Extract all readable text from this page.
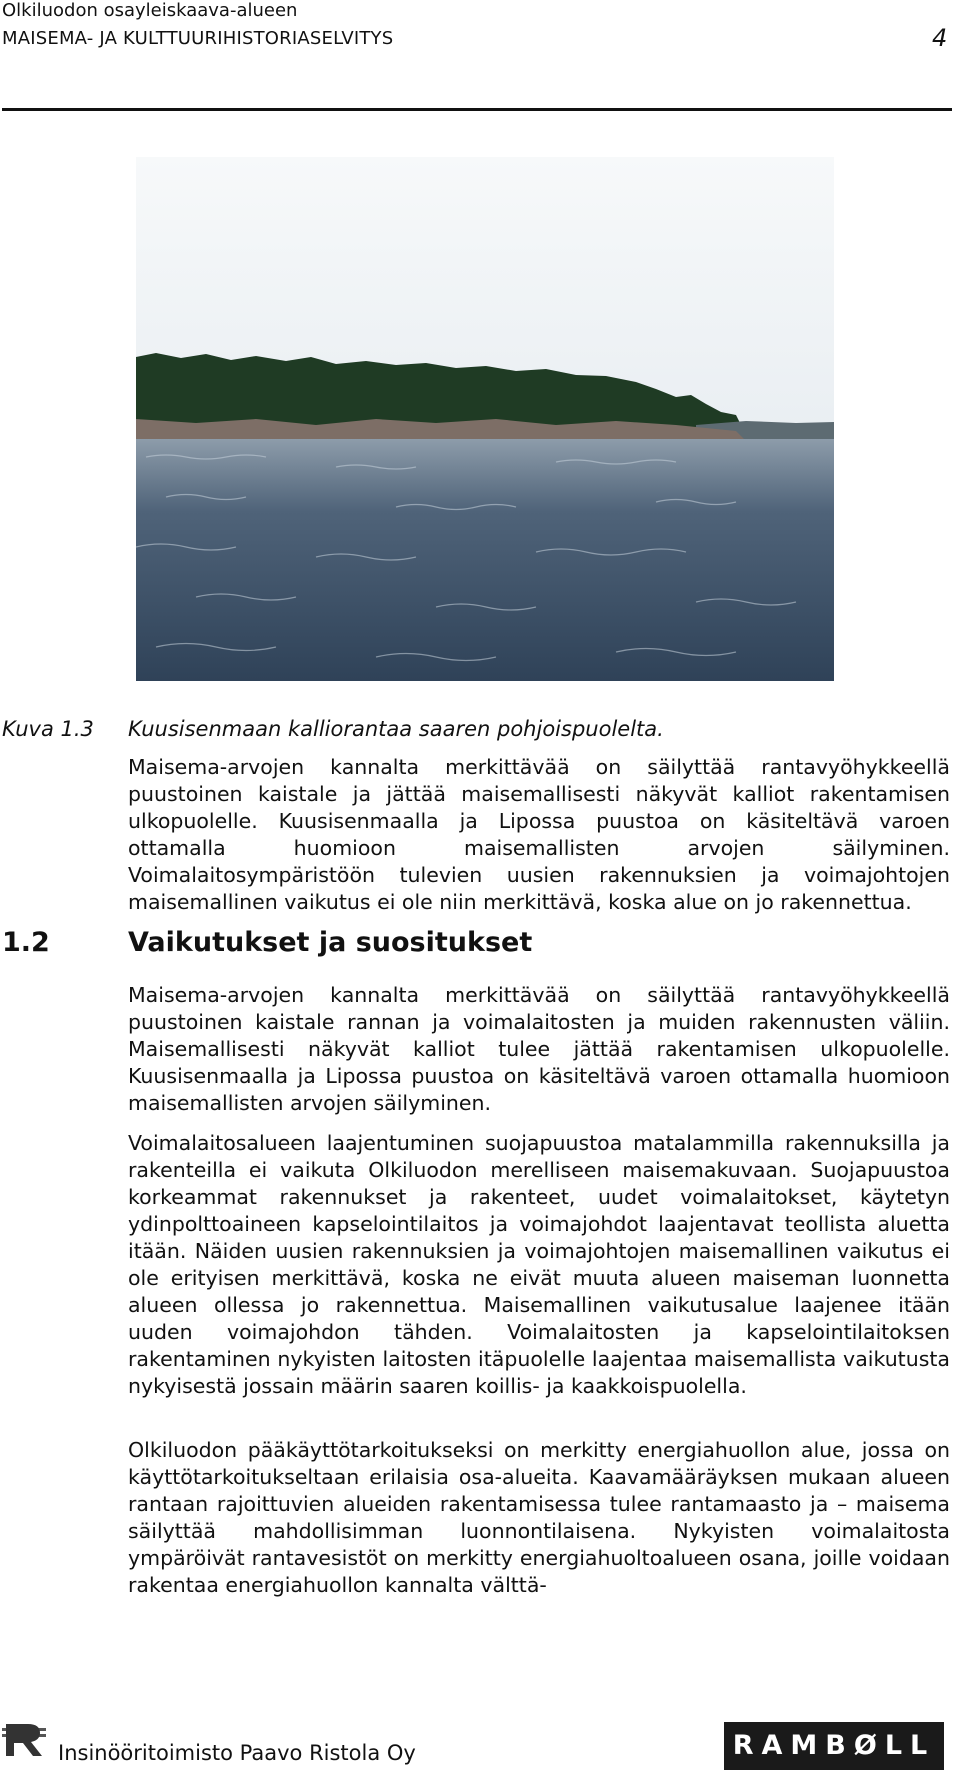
Olkiluodon osayleiskaava-alueen
MAISEMA- JA KULTTUURIHISTORIASELVITYS	4
Kuva 1.3 Kuusisenmaan kalliorantaa saaren pohjoispuolelta.

Maisema-arvojen kannalta merkittävää on säilyttää rantavyöhykkeellä puustoinen kaistale ja jättää maisemallisesti näkyvät kalliot rakentamisen ulkopuolelle. Kuusisenmaalla ja Lipossa puustoa on käsiteltävä varoen ottamalla huomioon maisemallisten arvojen säilyminen. Voimalaitosympäristöön tulevien uusien rakennuksien ja voimajohtojen maisemallinen vaikutus ei ole niin merkittävä, koska alue on jo rakennettua.

1.2	Vaikutukset ja suositukset

Maisema-arvojen kannalta merkittävää on säilyttää rantavyöhykkeellä puustoinen kaistale rannan ja voimalaitosten ja muiden rakennusten väliin. Maisemallisesti näkyvät kalliot tulee jättää rakentamisen ulkopuolelle. Kuusisenmaalla ja Lipossa puustoa on käsiteltävä varoen ottamalla huomioon maisemallisten arvojen säilyminen.

Voimalaitosalueen laajentuminen suojapuustoa matalammilla rakennuksilla ja rakenteilla ei vaikuta Olkiluodon merelliseen maisemakuvaan. Suojapuustoa korkeammat rakennukset ja rakenteet, uudet voimalaitokset, käytetyn ydinpolttoaineen kapselointilaitos ja voimajohdot laajentavat teollista aluetta itään. Näiden uusien rakennuksien ja voimajohtojen maisemallinen vaikutus ei ole erityisen merkittävä, koska ne eivät muuta alueen maiseman luonnetta alueen ollessa jo rakennettua. Maisemallinen vaikutusalue laajenee itään uuden voimajohdon tähden. Voimalaitosten ja kapselointilaitoksen rakentaminen nykyisten laitosten itäpuolelle laajentaa maisemallista vaikutusta nykyisestä jossain määrin saaren koillis- ja kaakkoispuolella.

Olkiluodon pääkäyttötarkoitukseksi on merkitty energiahuollon alue, jossa on käyttötarkoitukseltaan erilaisia osa-alueita. Kaavamääräyksen mukaan alueen rantaan rajoittuvien alueiden rakentamisessa tulee rantamaasto ja – maisema säilyttää mahdollisimman luonnontilaisena. Nykyisten voimalaitosta ympäröivät rantavesistöt on merkitty energiahuoltoalueen osana, joille voidaan rakentaa energiahuollon kannalta välttä-

Insinööritoimisto Paavo Ristola Oy	RAMBØLL
